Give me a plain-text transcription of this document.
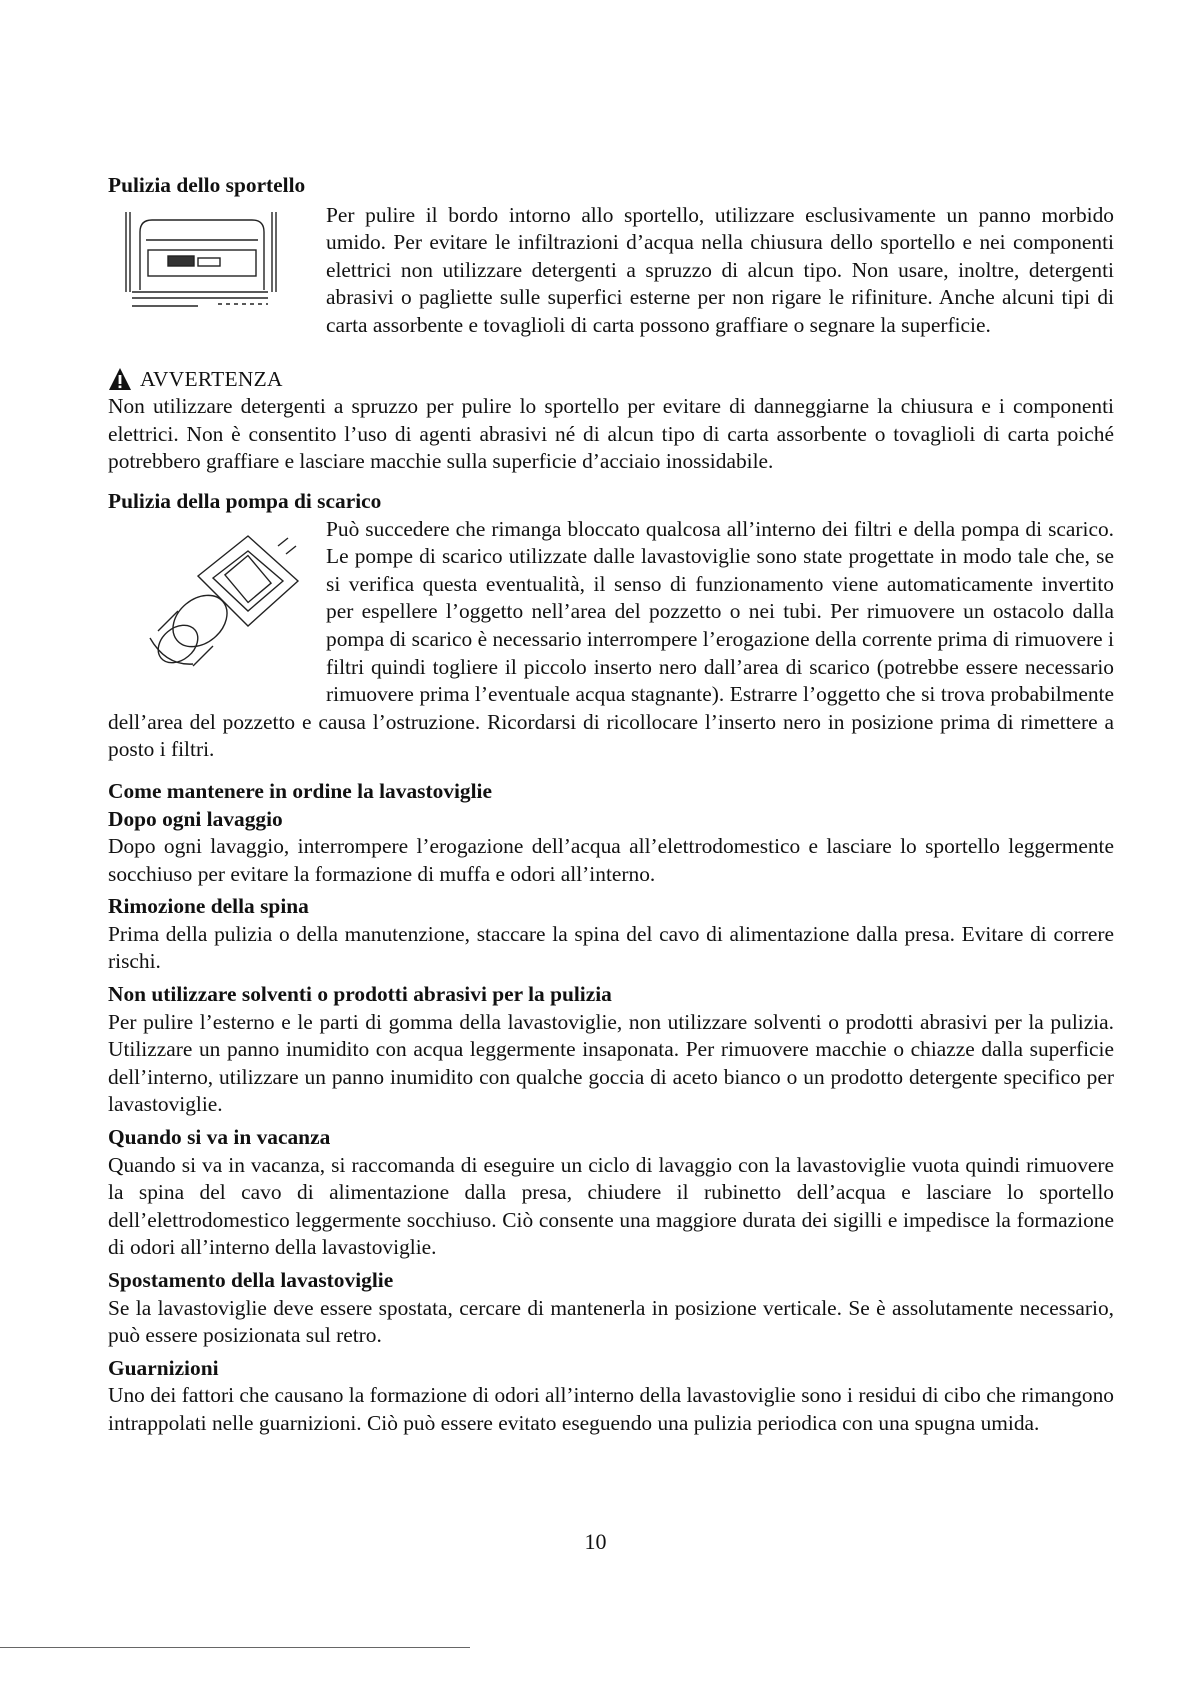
Pulizia dello sportello

Per pulire il bordo intorno allo sportello, utilizzare esclusivamente un panno morbido umido. Per evitare le infiltrazioni d’acqua nella chiusura dello sportello e nei componenti elettrici non utilizzare detergenti a spruzzo di alcun tipo. Non usare, inoltre, detergenti abrasivi o pagliette sulle superfici esterne per non rigare le rifiniture. Anche alcuni tipi di carta assorbente e tovaglioli di carta possono graffiare o segnare la superficie.

AVVERTENZA

Non utilizzare detergenti a spruzzo per pulire lo sportello per evitare di danneggiarne la chiusura e i componenti elettrici. Non è consentito l’uso di agenti abrasivi né di alcun tipo di carta assorbente o tovaglioli di carta poiché potrebbero graffiare e lasciare macchie sulla superficie d’acciaio inossidabile.

Pulizia della pompa di scarico

Può succedere che rimanga bloccato qualcosa all’interno dei filtri e della pompa di scarico. Le pompe di scarico utilizzate dalle lavastoviglie sono state progettate in modo tale che, se si verifica questa eventualità, il senso di funzionamento viene automaticamente invertito per espellere l’oggetto nell’area del pozzetto o nei tubi. Per rimuovere un ostacolo dalla pompa di scarico è necessario interrompere l’erogazione della corrente prima di rimuovere i filtri quindi togliere il piccolo inserto nero dall’area di scarico (potrebbe essere necessario rimuovere prima l’eventuale acqua stagnante). Estrarre l’oggetto che si trova probabilmente dell’area del pozzetto e causa l’ostruzione. Ricordarsi di ricollocare l’inserto nero in posizione prima di rimettere a posto i filtri.

Come mantenere in ordine la lavastoviglie

Dopo ogni lavaggio

Dopo ogni lavaggio, interrompere l’erogazione dell’acqua all’elettrodomestico e lasciare lo sportello leggermente socchiuso per evitare la formazione di muffa e odori all’interno.

Rimozione della spina

Prima della pulizia o della manutenzione, staccare la spina del cavo di alimentazione dalla presa. Evitare di correre rischi.

Non utilizzare solventi o prodotti abrasivi per la pulizia

Per pulire l’esterno e le parti di gomma della lavastoviglie, non utilizzare solventi o prodotti abrasivi per la pulizia. Utilizzare un panno inumidito con acqua leggermente insaponata. Per rimuovere macchie o chiazze dalla superficie dell’interno, utilizzare un panno inumidito con qualche goccia di aceto bianco o un prodotto detergente specifico per lavastoviglie.

Quando si va in vacanza

Quando si va in vacanza, si raccomanda di eseguire un ciclo di lavaggio con la lavastoviglie vuota quindi rimuovere la spina del cavo di alimentazione dalla presa, chiudere il rubinetto dell’acqua e lasciare lo sportello dell’elettrodomestico leggermente socchiuso. Ciò consente una maggiore durata dei sigilli e impedisce la formazione di odori all’interno della lavastoviglie.

Spostamento della lavastoviglie

Se la lavastoviglie deve essere spostata, cercare di mantenerla in posizione verticale. Se è assolutamente necessario, può essere posizionata sul retro.

Guarnizioni

Uno dei fattori che causano la formazione di odori all’interno della lavastoviglie sono i residui di cibo che rimangono intrappolati nelle guarnizioni. Ciò può essere evitato eseguendo una pulizia periodica con una spugna umida.

10
